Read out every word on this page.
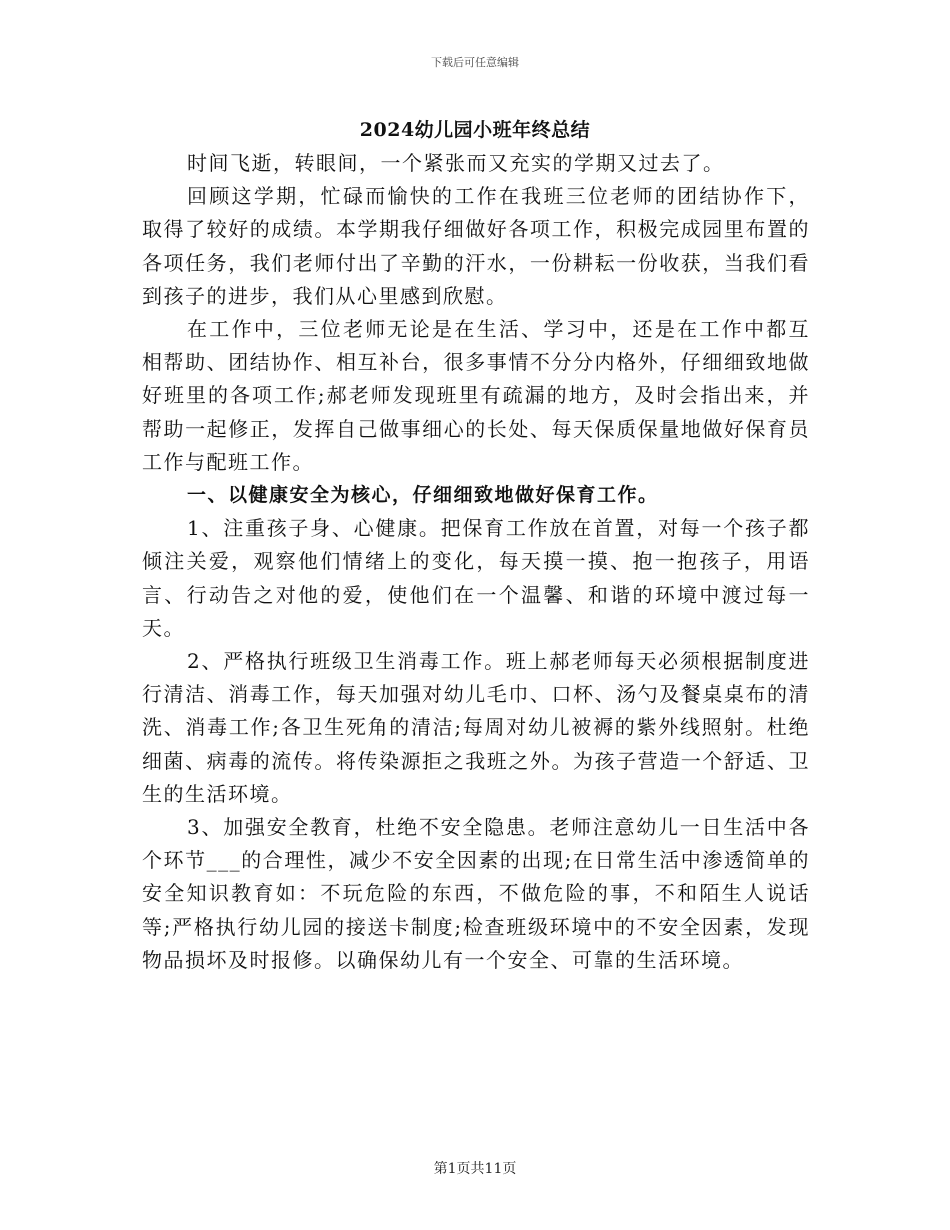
下载后可任意编辑
2024幼儿园小班年终总结

时间飞逝，转眼间，一个紧张而又充实的学期又过去了。

回顾这学期，忙碌而愉快的工作在我班三位老师的团结协作下，取得了较好的成绩。本学期我仔细做好各项工作，积极完成园里布置的各项任务，我们老师付出了辛勤的汗水，一份耕耘一份收获，当我们看到孩子的进步，我们从心里感到欣慰。

在工作中，三位老师无论是在生活、学习中，还是在工作中都互相帮助、团结协作、相互补台，很多事情不分分内格外，仔细细致地做好班里的各项工作;郝老师发现班里有疏漏的地方，及时会指出来，并帮助一起修正，发挥自己做事细心的长处、每天保质保量地做好保育员工作与配班工作。

一、以健康安全为核心，仔细细致地做好保育工作。

1、注重孩子身、心健康。把保育工作放在首置，对每一个孩子都倾注关爱，观察他们情绪上的变化，每天摸一摸、抱一抱孩子，用语言、行动告之对他的爱，使他们在一个温馨、和谐的环境中渡过每一天。

2、严格执行班级卫生消毒工作。班上郝老师每天必须根据制度进行清洁、消毒工作，每天加强对幼儿毛巾、口杯、汤勺及餐桌桌布的清洗、消毒工作;各卫生死角的清洁;每周对幼儿被褥的紫外线照射。杜绝细菌、病毒的流传。将传染源拒之我班之外。为孩子营造一个舒适、卫生的生活环境。

3、加强安全教育，杜绝不安全隐患。老师注意幼儿一日生活中各个环节___的合理性，减少不安全因素的出现;在日常生活中渗透简单的安全知识教育如：不玩危险的东西，不做危险的事，不和陌生人说话等;严格执行幼儿园的接送卡制度;检查班级环境中的不安全因素，发现物品损坏及时报修。以确保幼儿有一个安全、可靠的生活环境。

第1页共11页
